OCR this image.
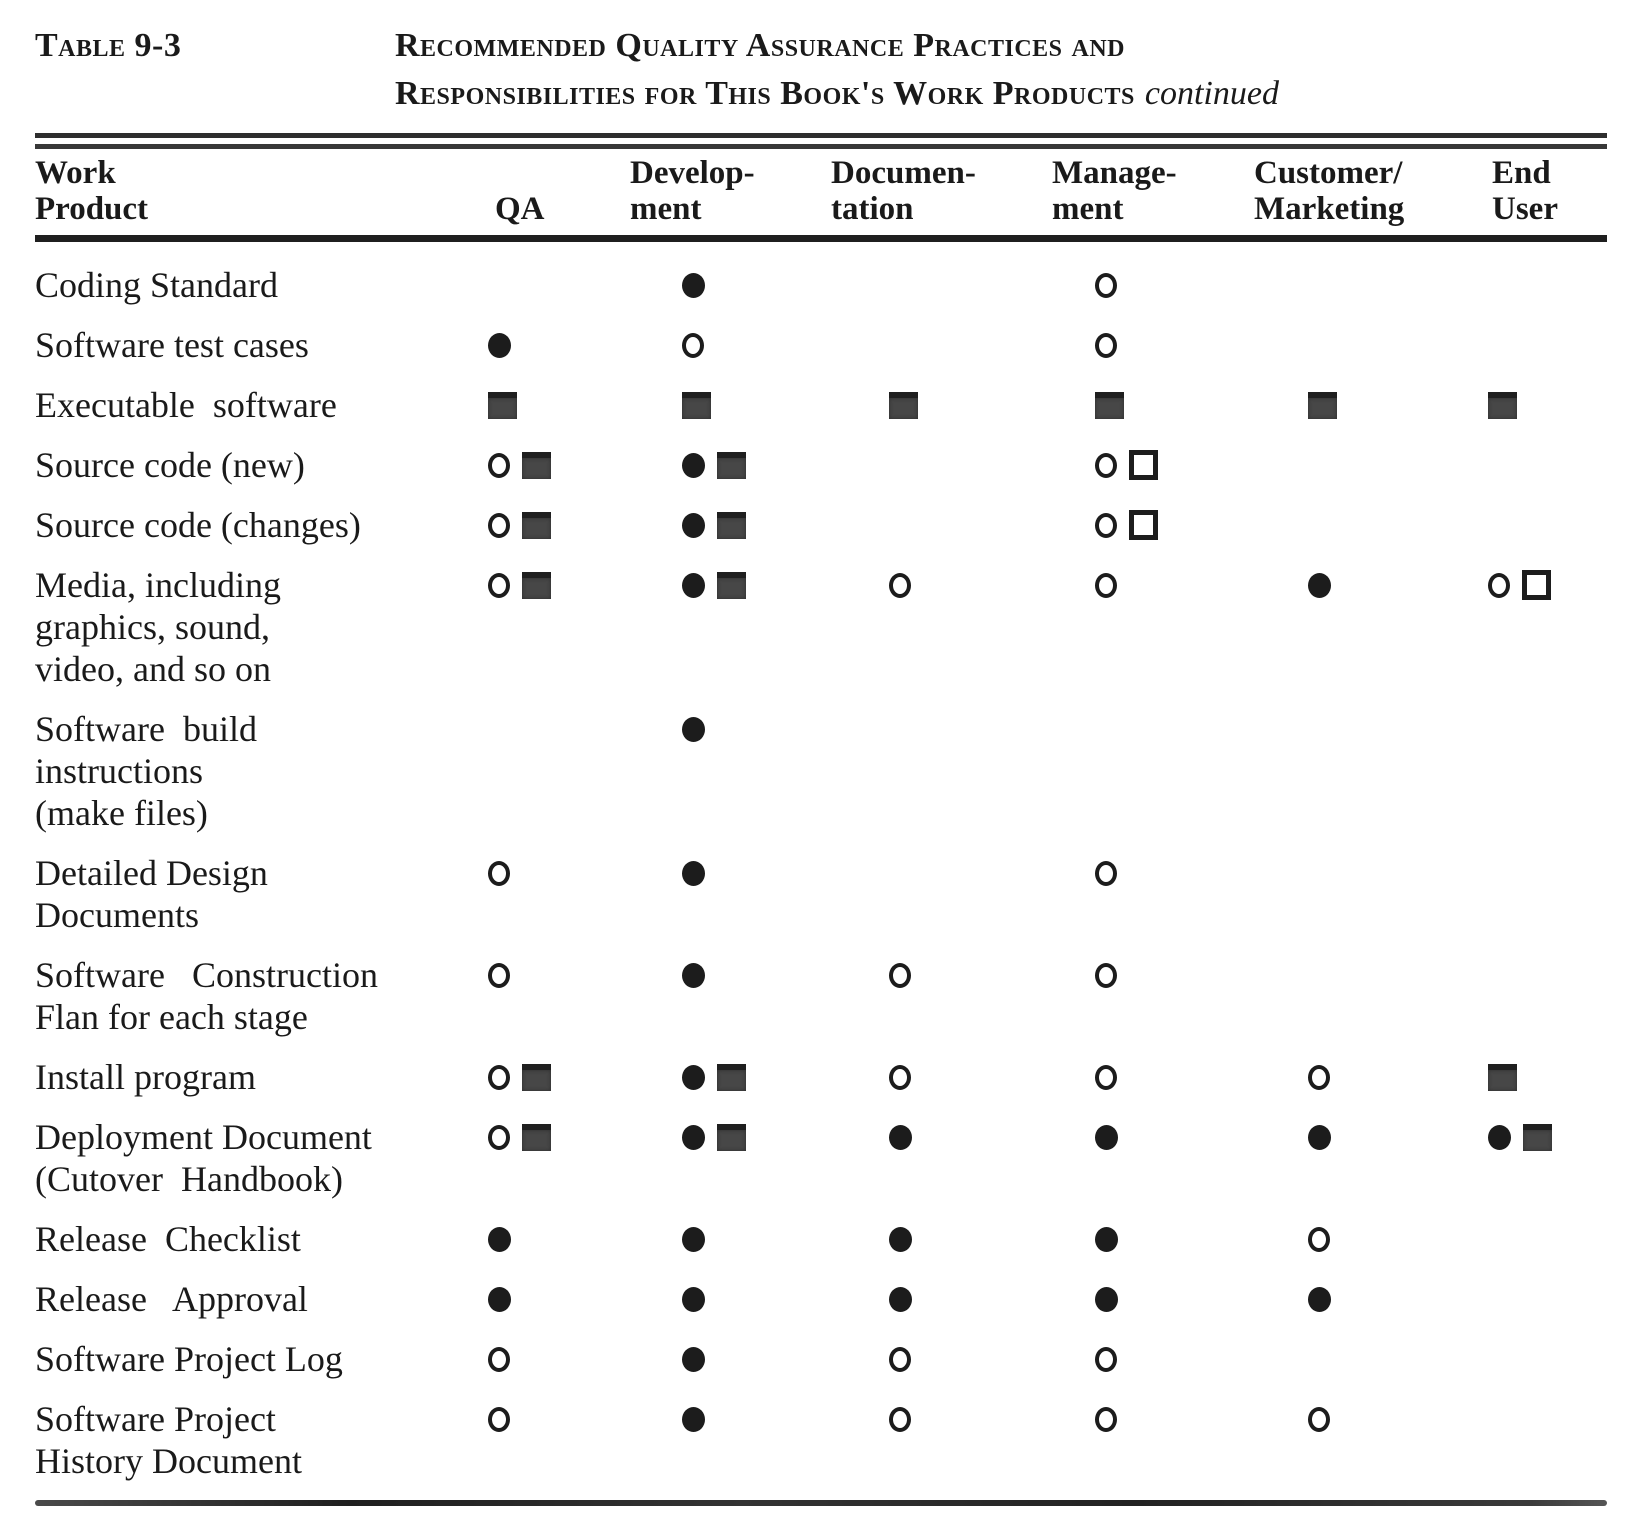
Table 9-3	Recommended Quality Assurance Practices and
Responsibilities for This Book's Work Products continued
Work
Product	QA
Develop-
ment
Documen-
tation
Manage-
ment
Customer/
Marketing
End
User
Coding Standard
Software test cases
Executable  software
Source code (new)
Source code (changes)
Media, including
graphics, sound,
video, and so on
Software  build
instructions
(make files)
Detailed Design
Documents
Software   Construction
Flan for each stage
Install program
Deployment Document
(Cutover  Handbook)
Release  Checklist
Release   Approval
Software Project Log
Software Project
History Document
